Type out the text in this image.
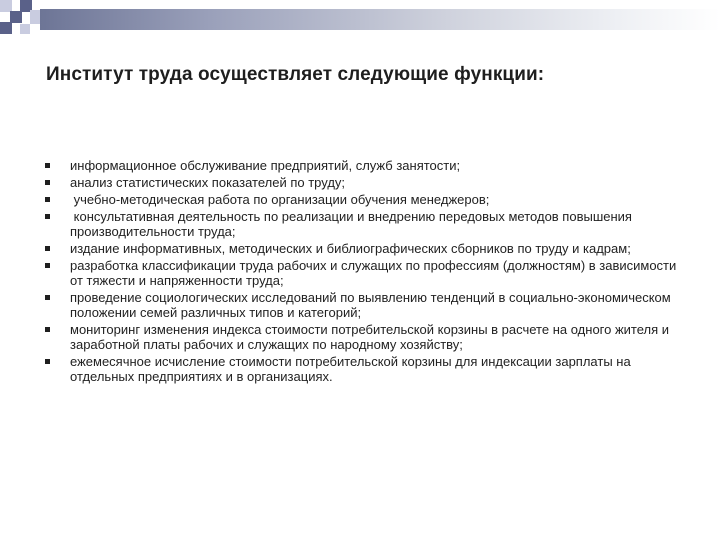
Институт труда осуществляет следующие функции:
информационное обслуживание предприятий, служб занятости;
анализ статистических показателей по труду;
учебно-методическая работа по организации обучения менеджеров;
консультативная деятельность по реализации и внедрению передовых методов повышения    производительности труда;
издание информативных, методических и библиографических сборников по труду и кадрам;
разработка классификации труда рабочих и служащих по профессиям (должностям) в зависимости от тяжести и напряженности труда;
проведение социологических исследований по выявлению тенденций в социально-экономическом положении семей различных типов и категорий;
мониторинг изменения индекса стоимости потребительской корзины в расчете на одного жителя и заработной платы рабочих и служащих по народному хозяйству;
ежемесячное исчисление стоимости потребительской корзины для индексации зарплаты на отдельных предприятиях и в организациях.
